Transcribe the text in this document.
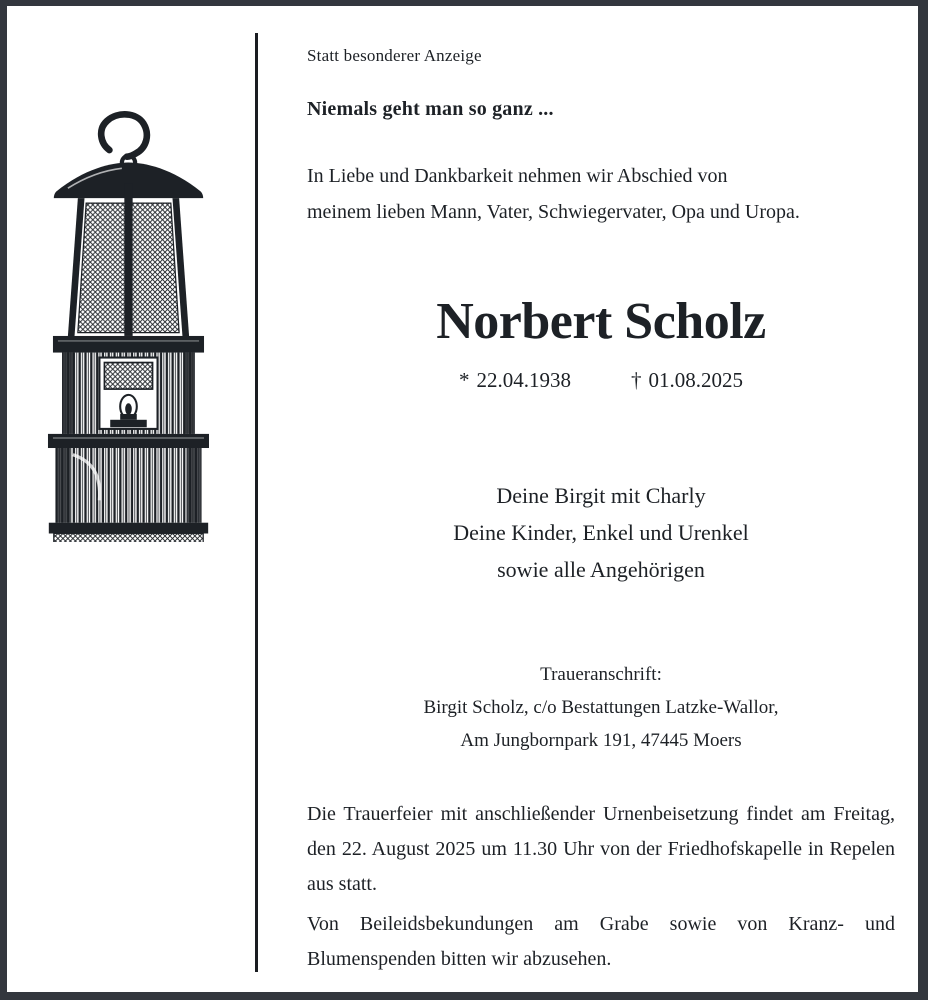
Statt besonderer Anzeige
Niemals geht man so ganz ...
In Liebe und Dankbarkeit nehmen wir Abschied von
meinem lieben Mann, Vater, Schwiegervater, Opa und Uropa.
Norbert Scholz
* 22.04.1938	† 01.08.2025
Deine Birgit mit Charly
Deine Kinder, Enkel und Urenkel
sowie alle Angehörigen
Traueranschrift:
Birgit Scholz, c/o Bestattungen Latzke-Wallor,
Am Jungbornpark 191, 47445 Moers
Die Trauerfeier mit anschließender Urnenbeisetzung findet am Freitag, den 22. August 2025 um 11.30 Uhr von der Friedhofskapelle in Repelen aus statt.
Von Beileidsbekundungen am Grabe sowie von Kranz- und Blumenspenden bitten wir abzusehen.
